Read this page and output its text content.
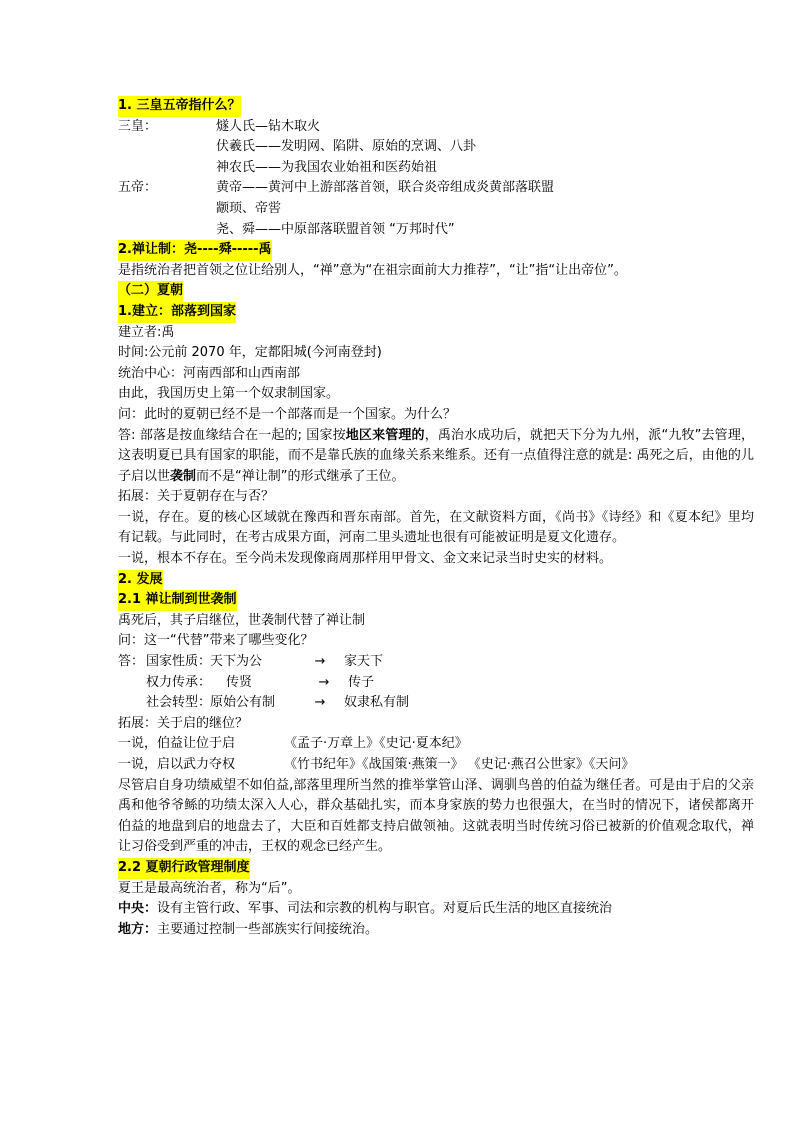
1. 三皇五帝指什么？
三皇：	燧人氏—钻木取火
伏羲氏——发明网、陷阱、原始的烹调、八卦
神农氏——为我国农业始祖和医药始祖
五帝：	黄帝——黄河中上游部落首领，联合炎帝组成炎黄部落联盟
颛顼、帝喾
尧、舜——中原部落联盟首领 “万邦时代”
2.禅让制：尧----舜-----禹
是指统治者把首领之位让给别人，“禅”意为“在祖宗面前大力推荐”，“让”指“让出帝位”。
（二）夏朝
1.建立：部落到国家
建立者:禹
时间:公元前 2070 年，定都阳城(今河南登封)
统治中心：河南西部和山西南部
由此，我国历史上第一个奴隶制国家。
问：此时的夏朝已经不是一个部落而是一个国家。为什么？
答: 部落是按血缘结合在一起的; 国家按地区来管理的，禹治水成功后，就把天下分为九州，派“九牧”去管理，这表明夏已具有国家的职能，而不是靠氏族的血缘关系来维系。还有一点值得注意的就是: 禹死之后，由他的儿子启以世袭制而不是“禅让制”的形式继承了王位。
拓展：关于夏朝存在与否？
一说，存在。夏的核心区域就在豫西和晋东南部。首先，在文献资料方面，《尚书》《诗经》和《夏本纪》里均有记载。与此同时，在考古成果方面，河南二里头遗址也很有可能被证明是夏文化遗存。
一说，根本不存在。至今尚未发现像商周那样用甲骨文、金文来记录当时史实的材料。
2. 发展
2.1 禅让制到世袭制
禹死后，其子启继位，世袭制代替了禅让制
问：这一“代替”带来了哪些变化？
答： 国家性质：天下为公	→ 家天下
权力传承： 传贤	→ 传子
社会转型：原始公有制	→ 奴隶私有制
拓展：关于启的继位？
一说，伯益让位于启	《孟子·万章上》《史记·夏本纪》
一说，启以武力夺权	《竹书纪年》《战国策·燕策一》 《史记·燕召公世家》《天问》
尽管启自身功绩威望不如伯益,部落里理所当然的推举掌管山泽、调驯鸟兽的伯益为继任者。可是由于启的父亲禹和他爷爷鲧的功绩太深入人心，群众基础扎实，而本身家族的势力也很强大，在当时的情况下，诸侯都离开伯益的地盘到启的地盘去了，大臣和百姓都支持启做领袖。这就表明当时传统习俗已被新的价值观念取代，禅让习俗受到严重的冲击，王权的观念已经产生。
2.2 夏朝行政管理制度
夏王是最高统治者，称为“后”。
中央：设有主管行政、军事、司法和宗教的机构与职官。对夏后氏生活的地区直接统治
地方：主要通过控制一些部族实行间接统治。
